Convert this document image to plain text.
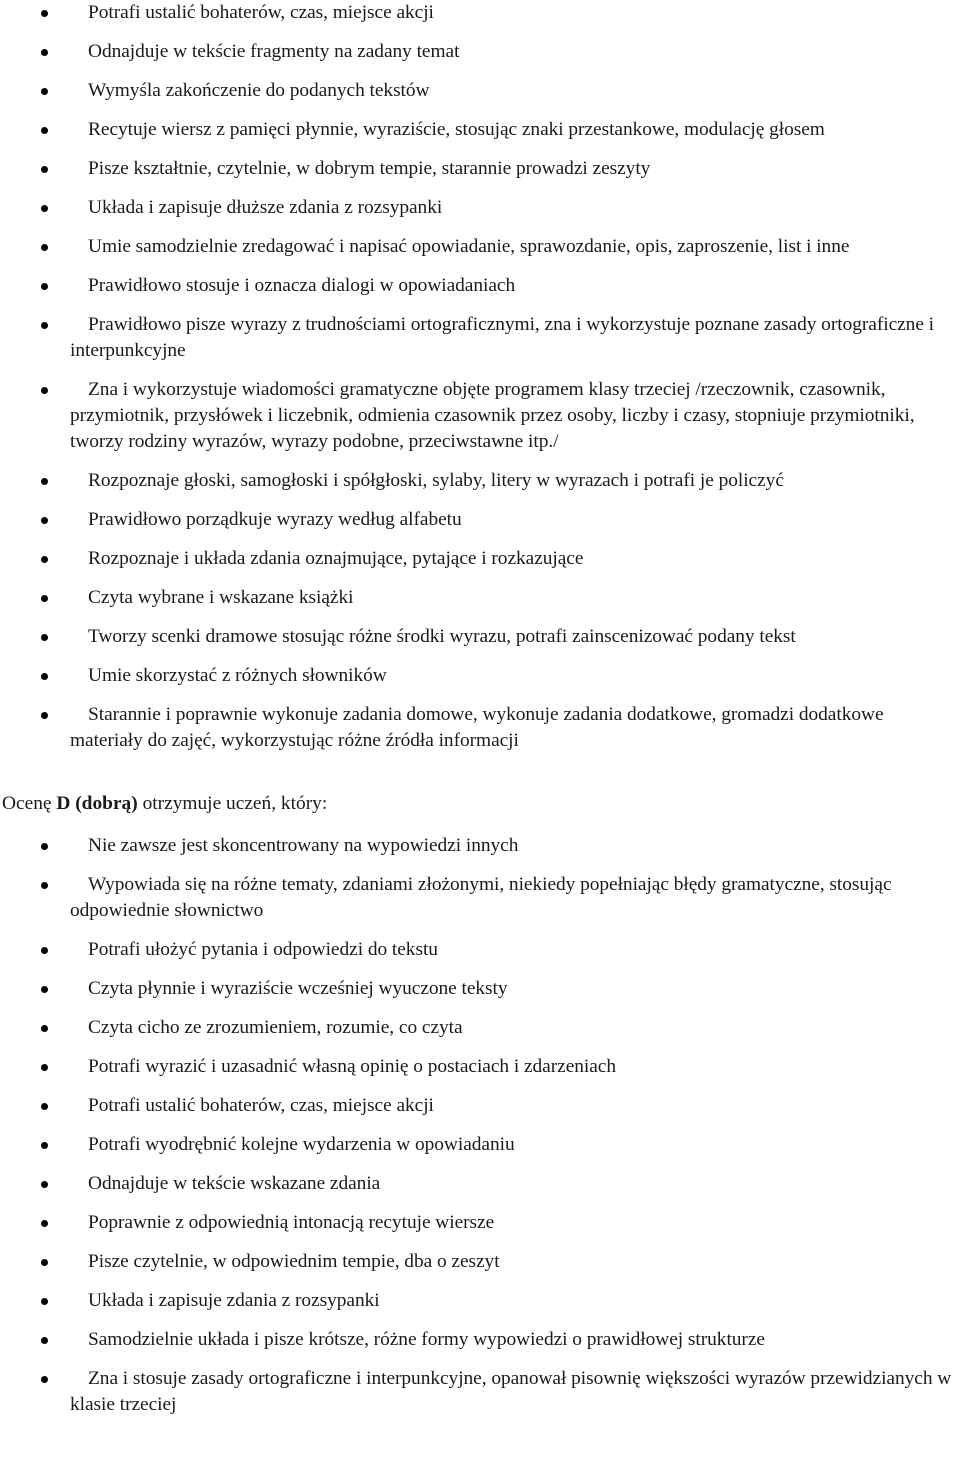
Potrafi ustalić bohaterów, czas, miejsce akcji
Odnajduje w tekście fragmenty na zadany temat
Wymyśla zakończenie do podanych tekstów
Recytuje wiersz z pamięci płynnie, wyraziście, stosując znaki przestankowe, modulację głosem
Pisze kształtnie, czytelnie, w dobrym tempie, starannie prowadzi zeszyty
Układa i zapisuje dłuższe zdania z rozsypanki
Umie samodzielnie zredagować i napisać opowiadanie, sprawozdanie, opis, zaproszenie, list i inne
Prawidłowo stosuje i oznacza dialogi w opowiadaniach
Prawidłowo pisze wyrazy z trudnościami ortograficznymi, zna i wykorzystuje poznane zasady ortograficzne i interpunkcyjne
Zna i wykorzystuje wiadomości gramatyczne objęte programem klasy trzeciej /rzeczownik, czasownik, przymiotnik, przysłówek i liczebnik, odmienia czasownik przez osoby, liczby i czasy, stopniuje przymiotniki, tworzy rodziny wyrazów, wyrazy podobne, przeciwstawne itp./
Rozpoznaje głoski, samogłoski i spółgłoski, sylaby, litery w wyrazach i potrafi je policzyć
Prawidłowo porządkuje wyrazy według alfabetu
Rozpoznaje i układa zdania oznajmujące, pytające i rozkazujące
Czyta wybrane i wskazane książki
Tworzy scenki dramowe stosując różne środki wyrazu, potrafi zainscenizować podany tekst
Umie skorzystać z różnych słowników
Starannie i poprawnie wykonuje zadania domowe, wykonuje zadania dodatkowe, gromadzi dodatkowe materiały do zajęć, wykorzystując różne źródła informacji
Ocenę D (dobrą) otrzymuje uczeń, który:
Nie zawsze jest skoncentrowany na wypowiedzi innych
Wypowiada się na różne tematy, zdaniami złożonymi, niekiedy popełniając błędy gramatyczne, stosując odpowiednie słownictwo
Potrafi ułożyć pytania i odpowiedzi do tekstu
Czyta płynnie i wyraziście wcześniej wyuczone teksty
Czyta cicho ze zrozumieniem, rozumie, co czyta
Potrafi wyrazić i uzasadnić własną opinię o postaciach i zdarzeniach
Potrafi ustalić bohaterów, czas, miejsce akcji
Potrafi wyodrębnić kolejne wydarzenia w opowiadaniu
Odnajduje w tekście wskazane zdania
Poprawnie z odpowiednią intonacją recytuje wiersze
Pisze czytelnie, w odpowiednim tempie, dba o zeszyt
Układa i zapisuje zdania z rozsypanki
Samodzielnie układa i pisze krótsze, różne formy wypowiedzi o prawidłowej strukturze
Zna i stosuje zasady ortograficzne i interpunkcyjne, opanował pisownię większości wyrazów przewidzianych w klasie trzeciej
